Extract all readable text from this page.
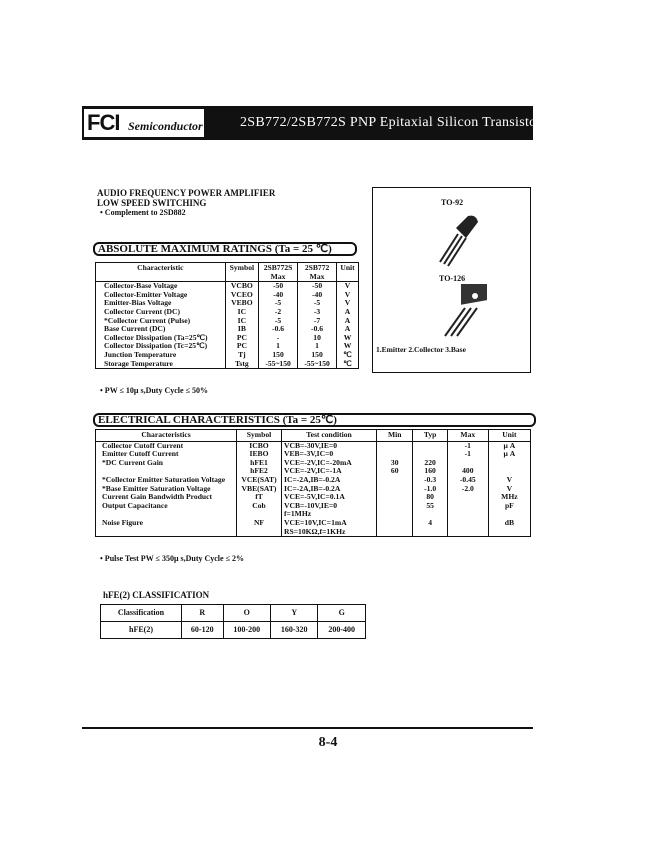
FCI Semiconductor	2SB772/2SB772S PNP Epitaxial Silicon Transistor
AUDIO FREQUENCY POWER AMPLIFIER
LOW SPEED SWITCHING
• Complement to 2SD882
TO-92
TO-126
1.Emitter 2.Collector 3.Base
ABSOLUTE MAXIMUM RATINGS (Ta = 25 ℃)
Characteristic	Symbol	2SB772S Max	2SB772 Max	Unit
Collector-Base Voltage	VCBO	-50	-50	V
Collector-Emitter Voltage	VCEO	-40	-40	V
Emitter-Bias Voltage	VEBO	-5	-5	V
Collector Current (DC)	IC	-2	-3	A
*Collector Current (Pulse)	IC	-5	-7	A
Base Current (DC)	IB	-0.6	-0.6	A
Collector Dissipation (Ta=25℃)	PC	-	10	W
Collector Dissipation (Tc=25℃)	PC	1	1	W
Junction Temperature	Tj	150	150	℃
Storage Temperature	Tstg	-55~150	-55~150	℃
• PW ≤ 10μ s,Duty Cycle ≤ 50%
ELECTRICAL CHARACTERISTICS (Ta = 25℃)
Characteristics	Symbol	Test condition	Min	Typ	Max	Unit
Collector Cutoff Current	ICBO	VCB=-30V,IE=0			-1	μ A
Emitter Cutoff Current	IEBO	VEB=-3V,IC=0			-1	μ A
*DC Current Gain	hFE1	VCE=-2V,IC=-20mA	30	220		
	hFE2	VCE=-2V,IC=-1A	60	160	400	
*Collector Emitter Saturation Voltage	VCE(SAT)	IC=-2A,IB=-0.2A		-0.3	-0.45	V
*Base Emitter Saturation Voltage	VBE(SAT)	IC=-2A,IB=-0.2A		-1.0	-2.0	V
Current Gain Bandwidth Product	fT	VCE=-5V,IC=0.1A		80		MHz
Output Capacitance	Cob	VCB=-10V,IE=0		55		pF
		f=1MHz				
Noise Figure	NF	VCE=10V,IC=1mA		4		dB
		RS=10KΩ,f=1KHz				
• Pulse Test PW ≤ 350μ s,Duty Cycle ≤ 2%
hFE(2) CLASSIFICATION
Classification	R	O	Y	G
hFE(2)	60-120	100-200	160-320	200-400
8-4
